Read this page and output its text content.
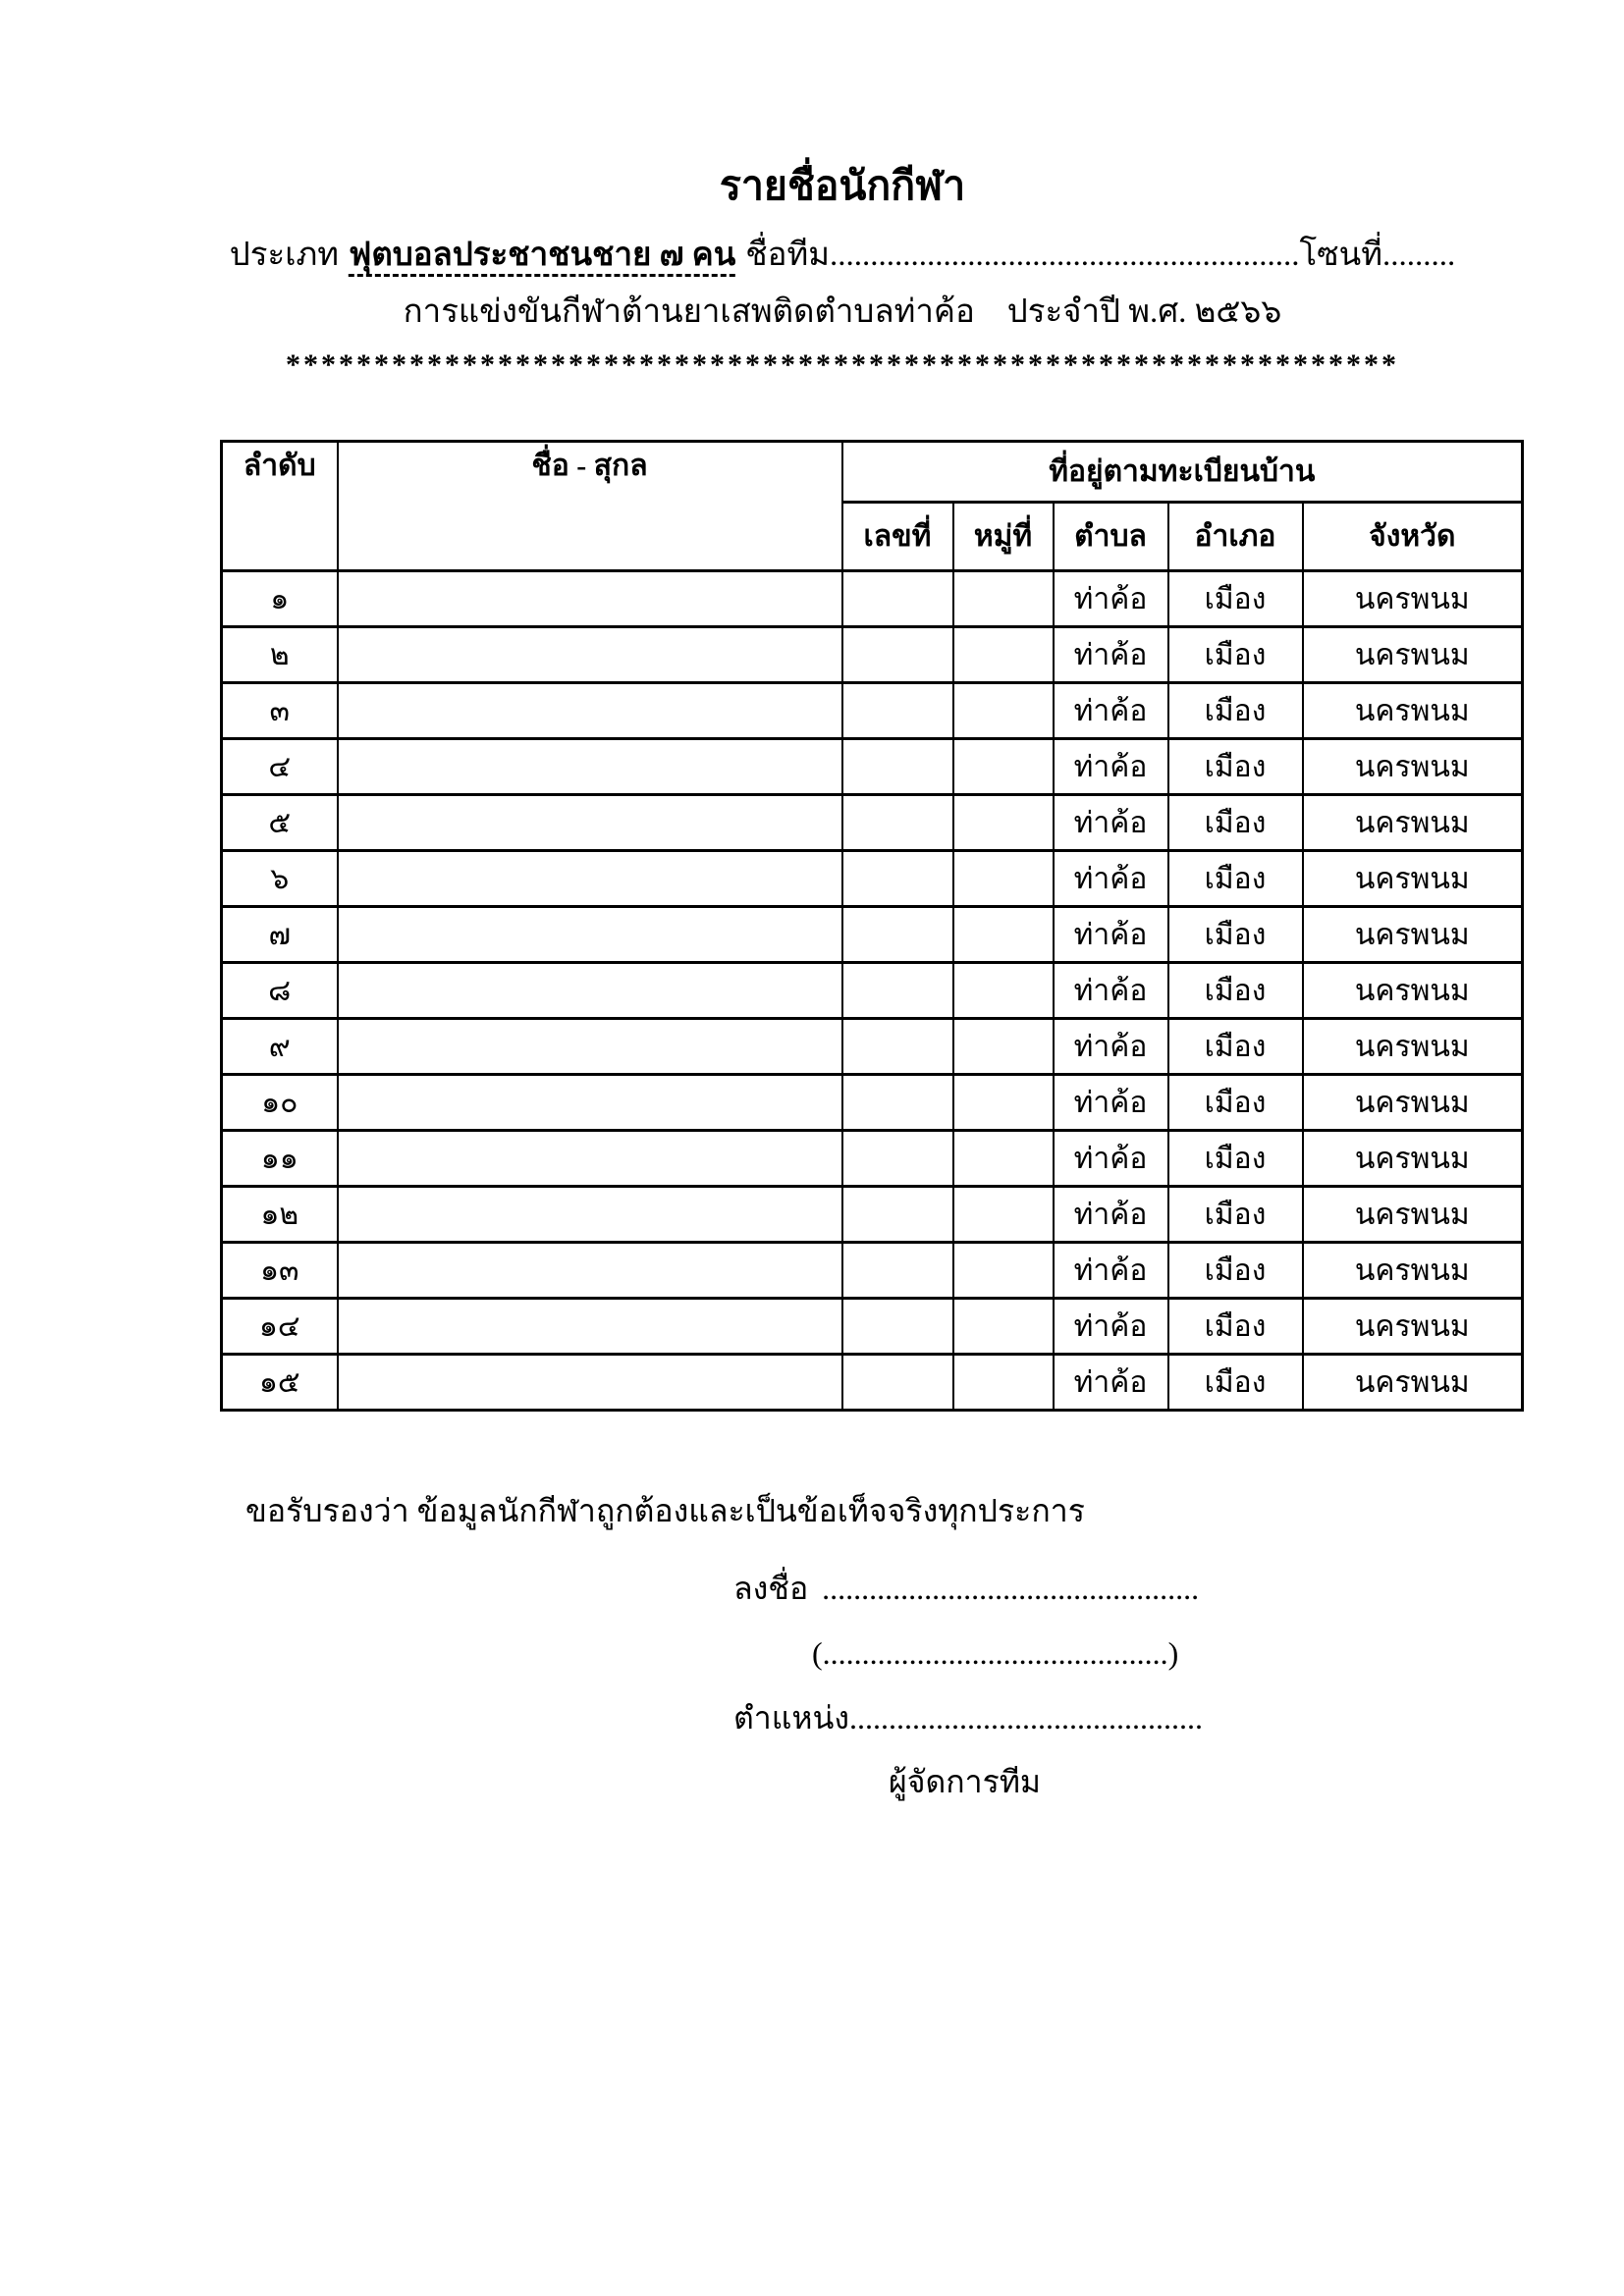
รายชื่อนักกีฬา
ประเภท ฟุตบอลประชาชนชาย ๗ คน ชื่อทีม..........................................................โซนที่.........
การแข่งขันกีฬาต้านยาเสพติดตำบลท่าค้อ    ประจำปี พ.ศ. ๒๕๖๖
***************************************************************
ลำดับ	ชื่อ - สุกล	ที่อยู่ตามทะเบียนบ้าน				
		เลขที่	หมู่ที่	ตำบล	อำเภอ	จังหวัด
๑				ท่าค้อ	เมือง	นครพนม
๒				ท่าค้อ	เมือง	นครพนม
๓				ท่าค้อ	เมือง	นครพนม
๔				ท่าค้อ	เมือง	นครพนม
๕				ท่าค้อ	เมือง	นครพนม
๖				ท่าค้อ	เมือง	นครพนม
๗				ท่าค้อ	เมือง	นครพนม
๘				ท่าค้อ	เมือง	นครพนม
๙				ท่าค้อ	เมือง	นครพนม
๑๐				ท่าค้อ	เมือง	นครพนม
๑๑				ท่าค้อ	เมือง	นครพนม
๑๒				ท่าค้อ	เมือง	นครพนม
๑๓				ท่าค้อ	เมือง	นครพนม
๑๔				ท่าค้อ	เมือง	นครพนม
๑๕				ท่าค้อ	เมือง	นครพนม

ขอรับรองว่า ข้อมูลนักกีฬาถูกต้องและเป็นข้อเท็จจริงทุกประการ

ลงชื่อ ................................................
(............................................)
ตำแหน่ง.............................................
ผู้จัดการทีม
